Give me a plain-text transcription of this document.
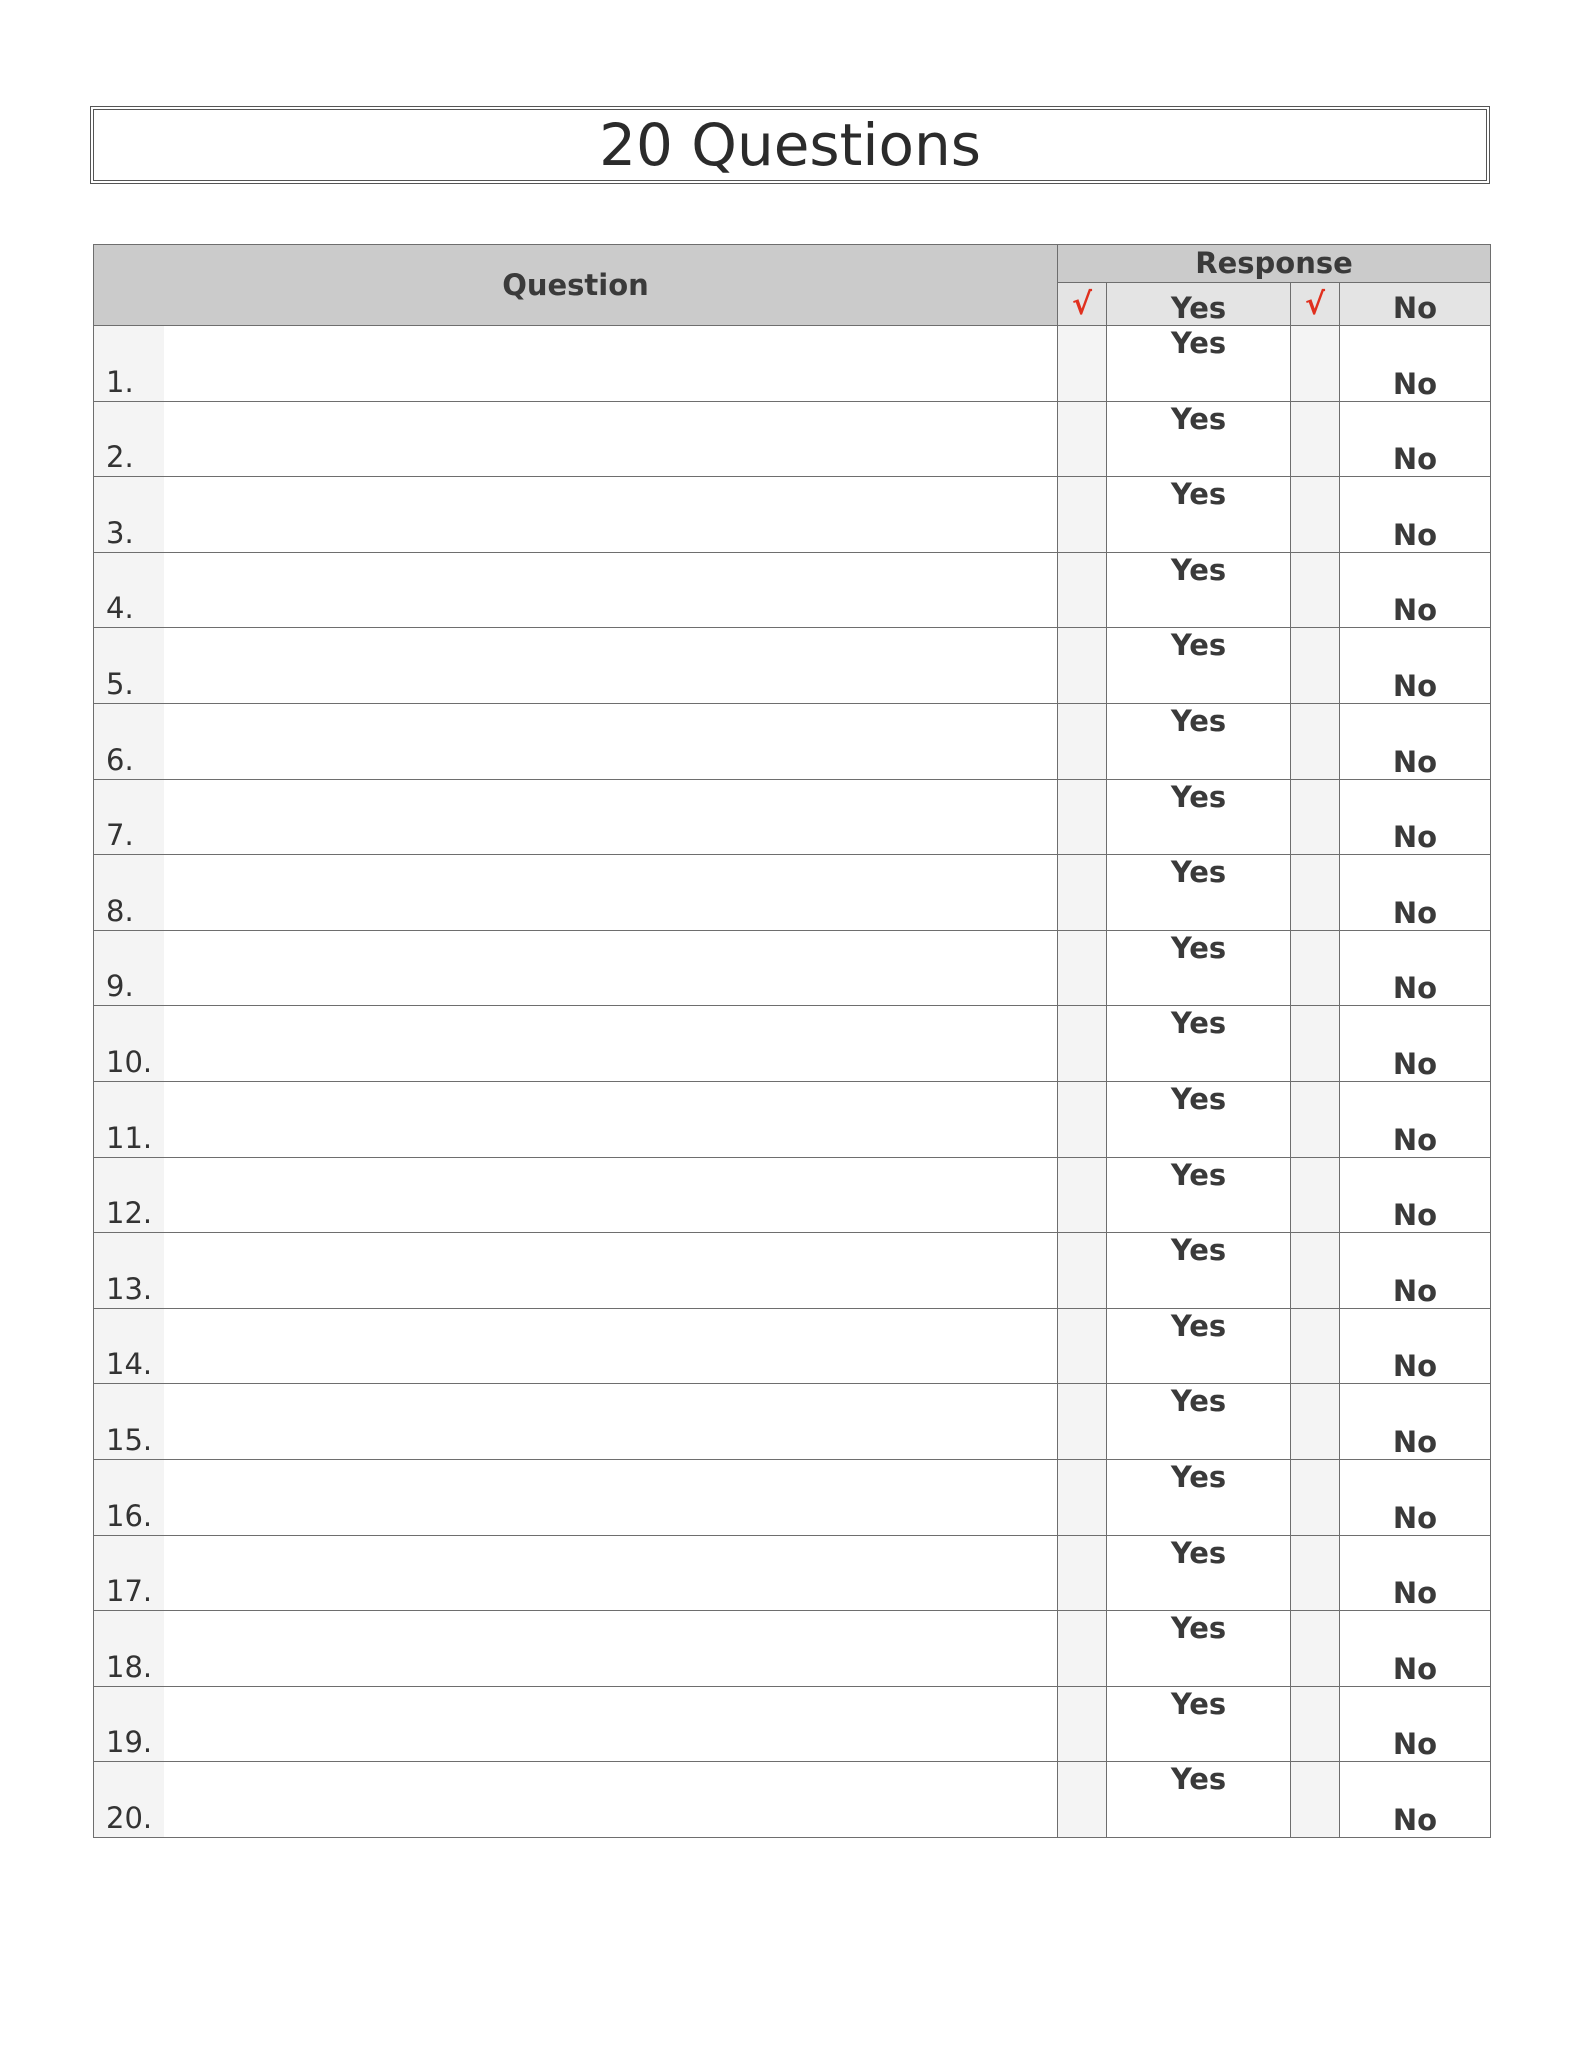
20 Questions
Question	Response			
	√	Yes	√	No

1.		Yes		No

2.		Yes		No

3.		Yes		No

4.		Yes		No

5.		Yes		No

6.		Yes		No

7.		Yes		No

8.		Yes		No

9.		Yes		No

10.		Yes		No

11.		Yes		No

12.		Yes		No

13.		Yes		No

14.		Yes		No

15.		Yes		No

16.		Yes		No

17.		Yes		No

18.		Yes		No

19.		Yes		No

20.		Yes		No
